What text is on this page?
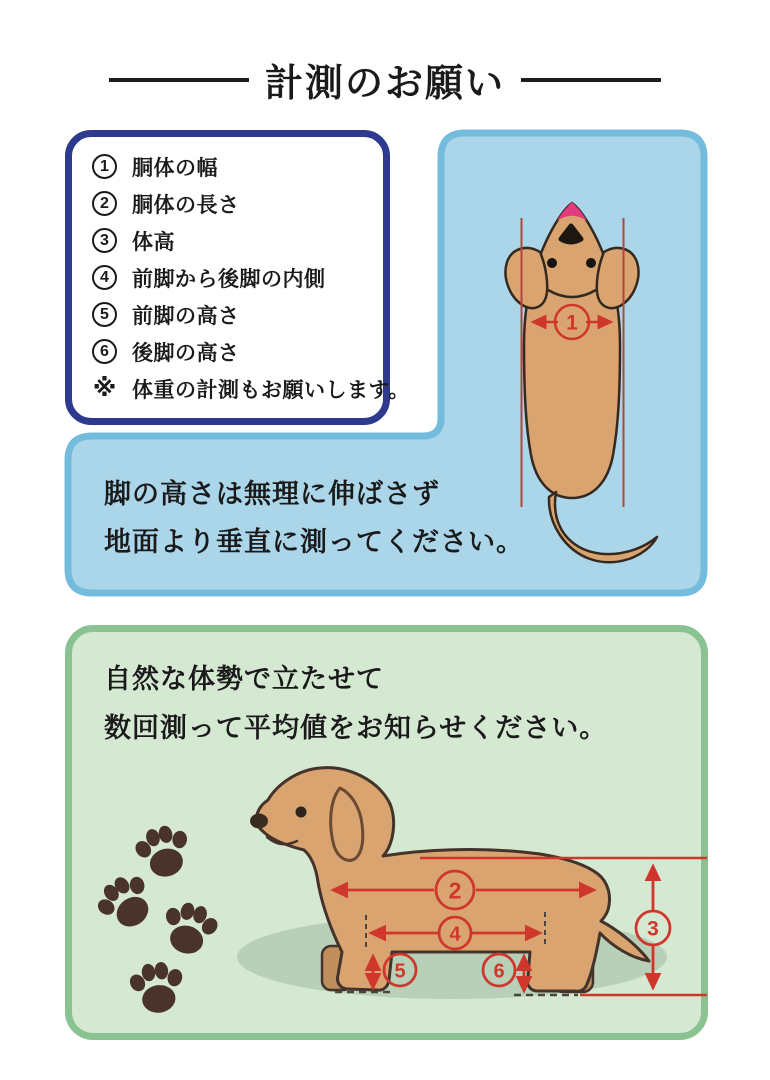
計測のお願い
1
1	胴体の幅
2	胴体の長さ
3	体高
4	前脚から後脚の内側
5	前脚の高さ
6	後脚の高さ
※ 体重の計測もお願いします。
脚の高さは無理に伸ばさず
地面より垂直に測ってください。
自然な体勢で立たせて
数回測って平均値をお知らせください。
2
3
4
5	6
